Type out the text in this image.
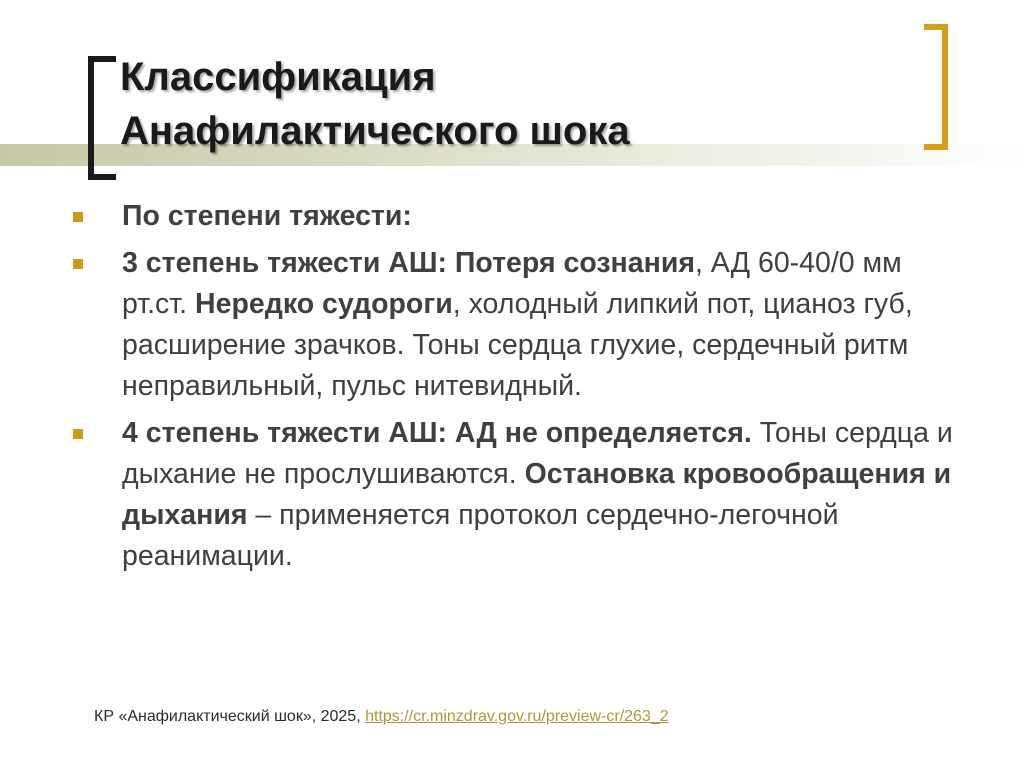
Классификация
Анафилактического шока
По степени тяжести:
3 степень тяжести АШ: Потеря сознания, АД 60-40/0 мм рт.ст. Нередко судороги, холодный липкий пот, цианоз губ, расширение зрачков. Тоны сердца глухие, сердечный ритм неправильный, пульс нитевидный.
4 степень тяжести АШ: АД не определяется. Тоны сердца и дыхание не прослушиваются. Остановка кровообращения и дыхания – применяется протокол сердечно-легочной реанимации.
КР «Анафилактический шок», 2025, https://cr.minzdrav.gov.ru/preview-cr/263_2
